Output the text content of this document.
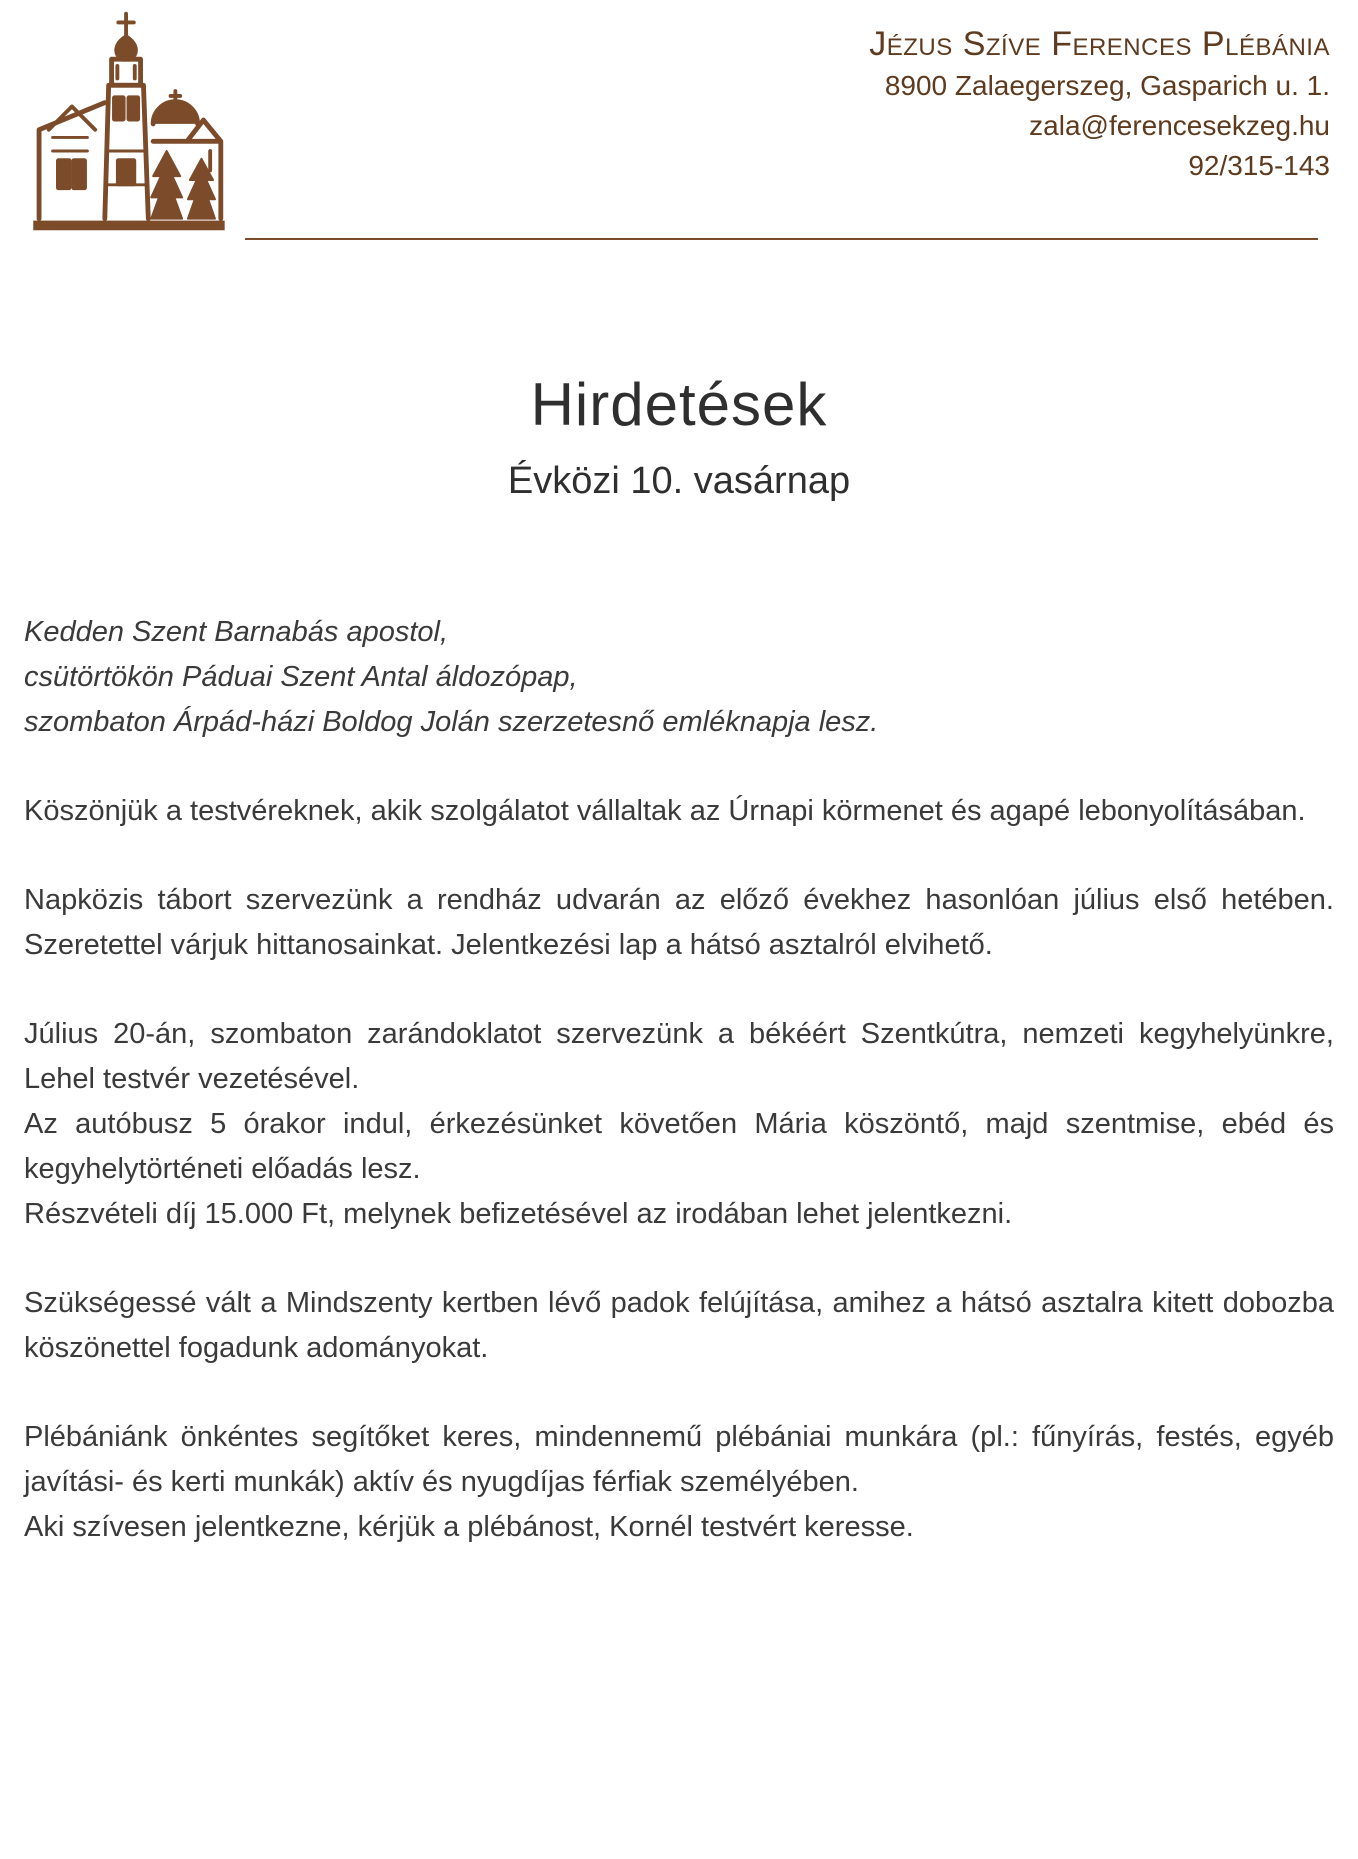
Jézus Szíve Ferences Plébánia
8900 Zalaegerszeg, Gasparich u. 1.
zala@ferencesekzeg.hu
92/315-143
Hirdetések
Évközi 10. vasárnap

Kedden Szent Barnabás apostol,

csütörtökön Páduai Szent Antal áldozópap,

szombaton Árpád-házi Boldog Jolán szerzetesnő emléknapja lesz.

Köszönjük a testvéreknek, akik szolgálatot vállaltak az Úrnapi körmenet és agapé lebonyolításában.

Napközis tábort szervezünk a rendház udvarán az előző évekhez hasonlóan július első hetében. Szeretettel várjuk hittanosainkat. Jelentkezési lap a hátsó asztalról elvihető.

Július 20-án, szombaton zarándoklatot szervezünk a békéért Szentkútra, nemzeti kegyhelyünkre, Lehel testvér vezetésével.

Az autóbusz 5 órakor indul, érkezésünket követően Mária köszöntő, majd szentmise, ebéd és kegyhelytörténeti előadás lesz.

Részvételi díj 15.000 Ft, melynek befizetésével az irodában lehet jelentkezni.

Szükségessé vált a Mindszenty kertben lévő padok felújítása, amihez a hátsó asztalra kitett dobozba köszönettel fogadunk adományokat.

Plébániánk önkéntes segítőket keres, mindennemű plébániai munkára (pl.: fűnyírás, festés, egyéb javítási- és kerti munkák) aktív és nyugdíjas férfiak személyében.

Aki szívesen jelentkezne, kérjük a plébánost, Kornél testvért keresse.
